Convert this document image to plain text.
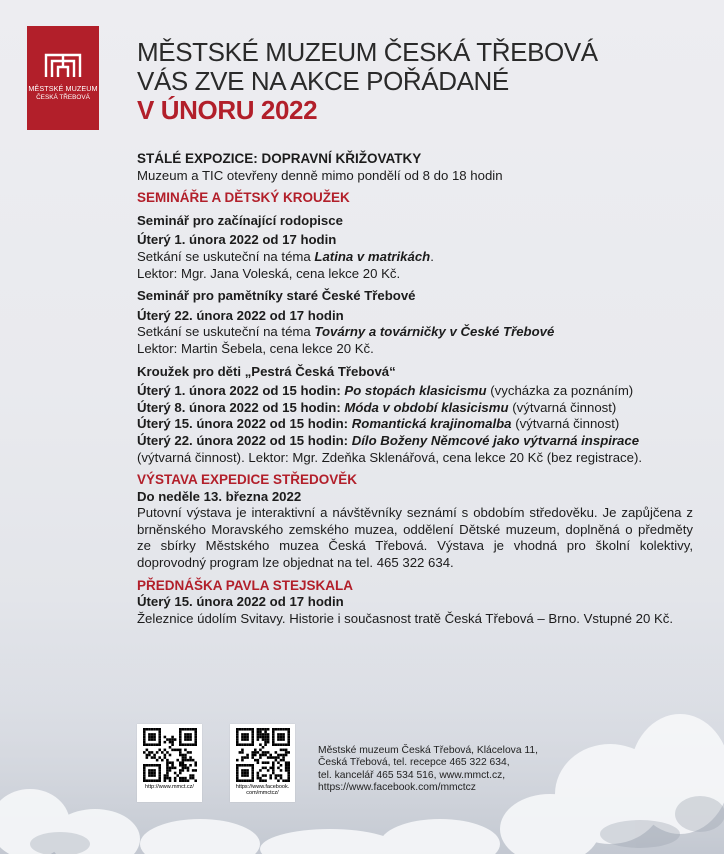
MĚSTSKÉ MUZEUM
ČESKÁ TŘEBOVÁ
MĚSTSKÉ MUZEUM ČESKÁ TŘEBOVÁ
VÁS ZVE NA AKCE POŘÁDANÉ
V ÚNORU 2022

STÁLÉ EXPOZICE: DOPRAVNÍ KŘIŽOVATKY

Muzeum a TIC otevřeny denně mimo pondělí od 8 do 18 hodin

SEMINÁŘE A DĚTSKÝ KROUŽEK

Seminář pro začínající rodopisce

Úterý 1. února 2022 od 17 hodin

Setkání se uskuteční na téma Latina v matrikách.

Lektor: Mgr. Jana Voleská, cena lekce 20 Kč.

Seminář pro pamětníky staré České Třebové

Úterý 22. února 2022 od 17 hodin

Setkání se uskuteční na téma Továrny a továrničky v České Třebové

Lektor: Martin Šebela, cena lekce 20 Kč.

Kroužek pro děti „Pestrá Česká Třebová“

Úterý 1. února 2022 od 15 hodin: Po stopách klasicismu (vycházka za poznáním)

Úterý 8. února 2022 od 15 hodin: Móda v období klasicismu (výtvarná činnost)

Úterý 15. února 2022 od 15 hodin: Romantická krajinomalba (výtvarná činnost)

Úterý 22. února 2022 od 15 hodin: Dílo Boženy Němcové jako výtvarná inspirace (výtvarná činnost). Lektor: Mgr. Zdeňka Sklenářová, cena lekce 20 Kč (bez registrace).

VÝSTAVA EXPEDICE STŘEDOVĚK

Do neděle 13. března 2022

Putovní výstava je interaktivní a návštěvníky seznámí s obdobím středověku. Je zapůjčena z brněnského Moravského zemského muzea, oddělení Dětské muzeum, doplněná o předměty ze sbírky Městského muzea Česká Třebová. Výstava je vhodná pro školní kolektivy, doprovodný program lze objednat na tel. 465 322 634.

PŘEDNÁŠKA PAVLA STEJSKALA

Úterý 15. února 2022 od 17 hodin

Železnice údolím Svitavy. Historie i současnost tratě Česká Třebová – Brno. Vstupné 20 Kč.

http://www.mmct.cz/	https://www.facebook.
com/mmctcz/
Městské muzeum Česká Třebová, Klácelova 11,
Česká Třebová, tel. recepce 465 322 634,
tel. kancelář 465 534 516, www.mmct.cz,
https://www.facebook.com/mmctcz
